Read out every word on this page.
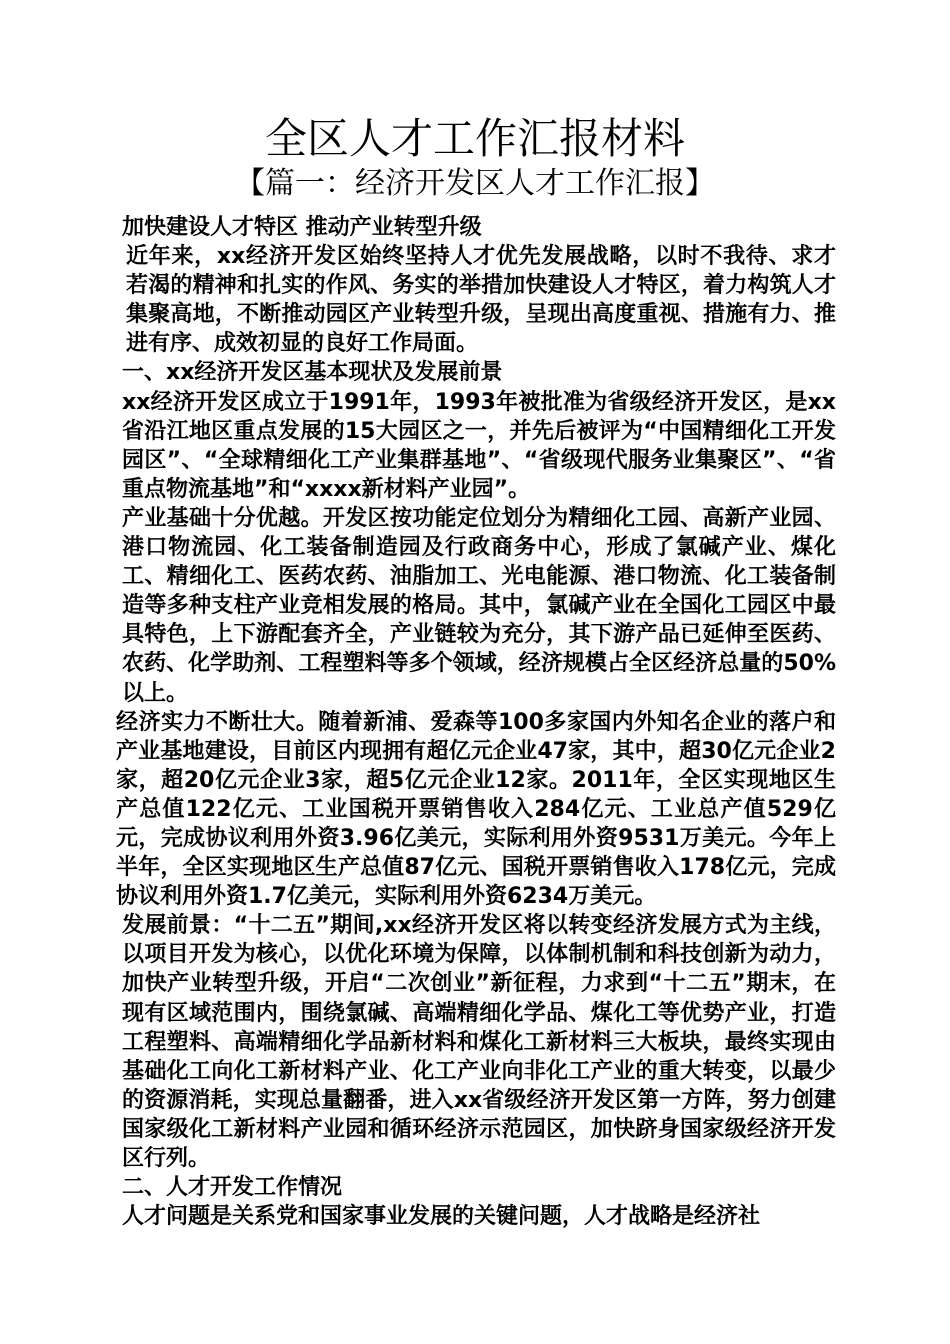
全区人才工作汇报材料
【篇一：经济开发区人才工作汇报】

加快建设人才特区 推动产业转型升级

近年来，xx经济开发区始终坚持人才优先发展战略，以时不我待、求才若渴的精神和扎实的作风、务实的举措加快建设人才特区，着力构筑人才集聚高地，不断推动园区产业转型升级，呈现出高度重视、措施有力、推进有序、成效初显的良好工作局面。

一、xx经济开发区基本现状及发展前景

xx经济开发区成立于1991年，1993年被批准为省级经济开发区，是xx省沿江地区重点发展的15大园区之一，并先后被评为“中国精细化工开发园区”、“全球精细化工产业集群基地”、“省级现代服务业集聚区”、“省重点物流基地”和“xxxx新材料产业园”。

产业基础十分优越。开发区按功能定位划分为精细化工园、高新产业园、港口物流园、化工装备制造园及行政商务中心，形成了氯碱产业、煤化工、精细化工、医药农药、油脂加工、光电能源、港口物流、化工装备制造等多种支柱产业竞相发展的格局。其中，氯碱产业在全国化工园区中最具特色，上下游配套齐全，产业链较为充分，其下游产品已延伸至医药、农药、化学助剂、工程塑料等多个领域，经济规模占全区经济总量的50%以上。

经济实力不断壮大。随着新浦、爱森等100多家国内外知名企业的落户和产业基地建设，目前区内现拥有超亿元企业47家，其中，超30亿元企业2家，超20亿元企业3家，超5亿元企业12家。2011年，全区实现地区生产总值122亿元、工业国税开票销售收入284亿元、工业总产值529亿元，完成协议利用外资3.96亿美元，实际利用外资9531万美元。今年上半年，全区实现地区生产总值87亿元、国税开票销售收入178亿元，完成协议利用外资1.7亿美元，实际利用外资6234万美元。

发展前景：“十二五”期间,xx经济开发区将以转变经济发展方式为主线，以项目开发为核心，以优化环境为保障，以体制机制和科技创新为动力，加快产业转型升级，开启“二次创业”新征程，力求到“十二五”期末，在现有区域范围内，围绕氯碱、高端精细化学品、煤化工等优势产业，打造工程塑料、高端精细化学品新材料和煤化工新材料三大板块，最终实现由基础化工向化工新材料产业、化工产业向非化工产业的重大转变，以最少的资源消耗，实现总量翻番，进入xx省级经济开发区第一方阵，努力创建国家级化工新材料产业园和循环经济示范园区，加快跻身国家级经济开发区行列。

二、人才开发工作情况

人才问题是关系党和国家事业发展的关键问题，人才战略是经济社
